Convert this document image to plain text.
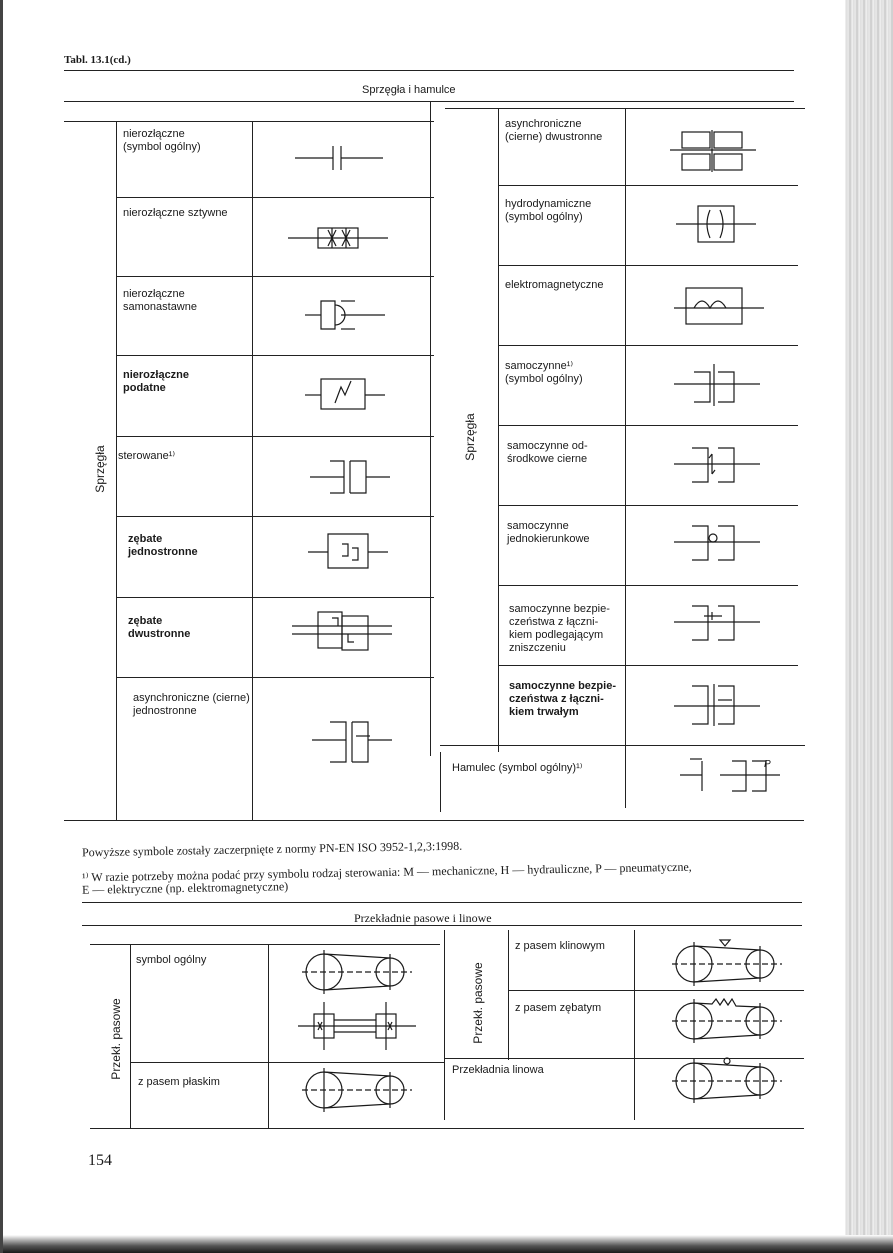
Tabl. 13.1(cd.)
Sprzęgła i hamulce
Sprzęgła
Sprzęgła
nierozłączne
(symbol ogólny)
nierozłączne sztywne
nierozłączne
samonastawne
nierozłączne
podatne
sterowane¹⁾
zębate
jednostronne
zębate
dwustronne
asynchroniczne (cierne)
jednostronne
asynchroniczne
(cierne) dwustronne
hydrodynamiczne
(symbol ogólny)
elektromagnetyczne
samoczynne¹⁾
(symbol ogólny)
samoczynne od-
środkowe cierne
samoczynne
jednokierunkowe
samoczynne bezpie-
czeństwa z łączni-
kiem podlegającym
zniszczeniu
samoczynne bezpie-
czeństwa z łączni-
kiem trwałym
Hamulec (symbol ogólny)¹⁾	P
Powyższe symbole zostały zaczerpnięte z normy PN-EN ISO 3952-1,2,3:1998.
¹⁾ W razie potrzeby można podać przy symbolu rodzaj sterowania: M — mechaniczne, H — hydrauliczne, P — pneumatyczne,
E — elektryczne (np. elektromagnetyczne)
Przekładnie pasowe i linowe
Przekł. pasowe	Przekł. pasowe
symbol ogólny
z pasem płaskim
z pasem klinowym
z pasem zębatym
Przekładnia linowa
154
